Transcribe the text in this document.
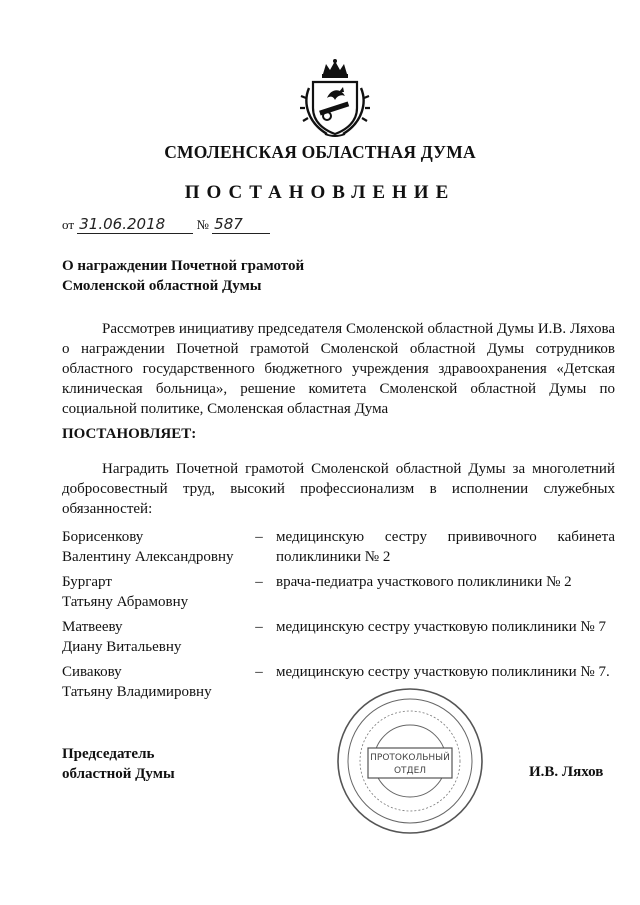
СМОЛЕНСКАЯ ОБЛАСТНАЯ ДУМА
ПОСТАНОВЛЕНИЕ
от 31.06.2018 № 587
О награждении Почетной грамотой
Смоленской областной Думы
Рассмотрев инициативу председателя Смоленской областной Думы И.В. Ляхова о награждении Почетной грамотой Смоленской областной Думы сотрудников областного государственного бюджетного учреждения здравоохранения «Детская клиническая больница», решение комитета Смоленской областной Думы по социальной политике, Смоленская областная Дума
ПОСТАНОВЛЯЕТ:
Наградить Почетной грамотой Смоленской областной Думы за многолетний добросовестный труд, высокий профессионализм в исполнении служебных обязанностей:
Борисенкову
Валентину Александровну
– медицинскую сестру прививочного кабинета поликлиники № 2
Бургарт
Татьяну Абрамовну
– врача-педиатра участкового поликлиники № 2
Матвееву
Диану Витальевну
– медицинскую сестру участковую поликлиники № 7
Сивакову
Татьяну Владимировну
– медицинскую сестру участковую поликлиники № 7.
ПРОТОКОЛЬНЫЙ
ОТДЕЛ
Председатель
областной Думы	И.В. Ляхов
